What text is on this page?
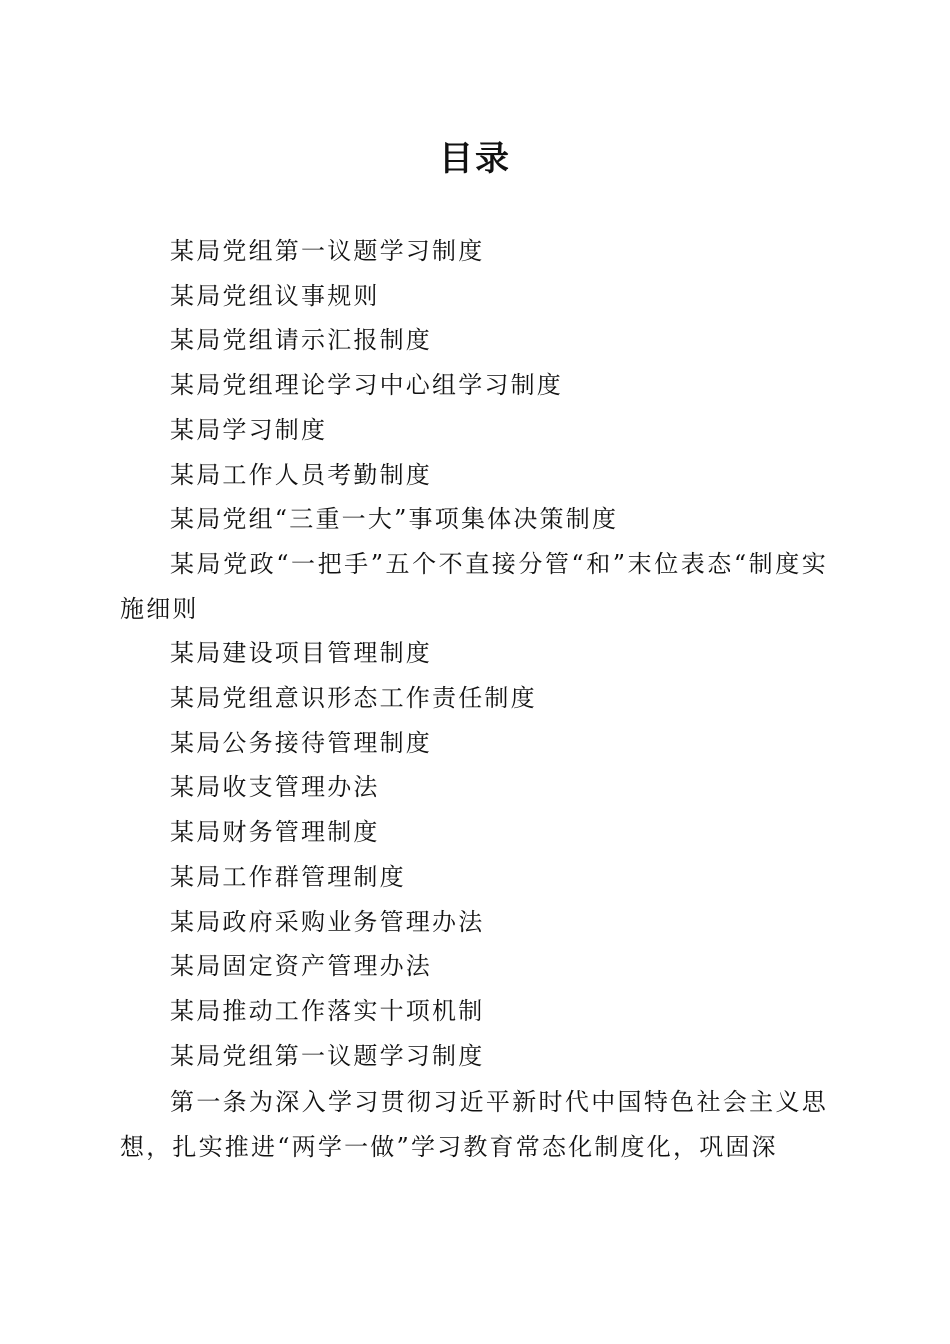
目录
某局党组第一议题学习制度
某局党组议事规则
某局党组请示汇报制度
某局党组理论学习中心组学习制度
某局学习制度
某局工作人员考勤制度
某局党组“三重一大”事项集体决策制度
某局党政“一把手”五个不直接分管“和”末位表态“制度实施细则
某局建设项目管理制度
某局党组意识形态工作责任制度
某局公务接待管理制度
某局收支管理办法
某局财务管理制度
某局工作群管理制度
某局政府采购业务管理办法
某局固定资产管理办法
某局推动工作落实十项机制
某局党组第一议题学习制度

第一条为深入学习贯彻习近平新时代中国特色社会主义思想，扎实推进“两学一做”学习教育常态化制度化，巩固深
